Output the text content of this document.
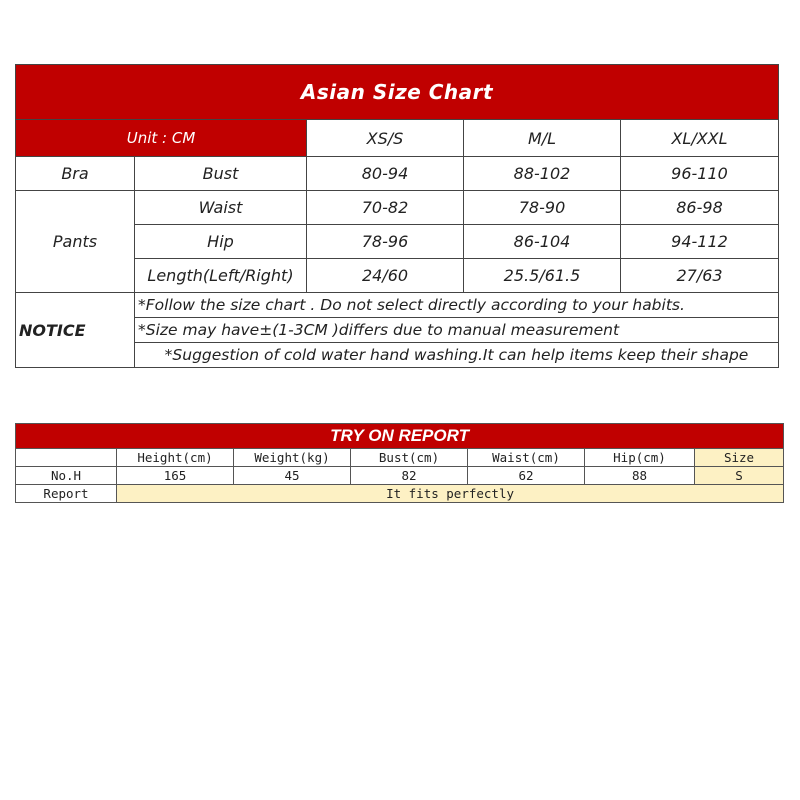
Asian Size Chart				
Unit : CM		XS/S	M/L	XL/XXL
Bra	Bust	80-94	88-102	96-110
Pants	Waist	70-82	78-90	86-98
	Hip	78-96	86-104	94-112
	Length(Left/Right)	24/60	25.5/61.5	27/63
NOTICE	*Follow the size chart . Do not select directly according to your habits.			
	*Size may have±(1-3CM )differs due to manual measurement			
	*Suggestion of cold water hand washing.It can help items keep their shape			
TRY ON REPORT						
	Height(cm)	Weight(kg)	Bust(cm)	Waist(cm)	Hip(cm)	Size
No.H	165	45	82	62	88	S
Report	It fits perfectly					
